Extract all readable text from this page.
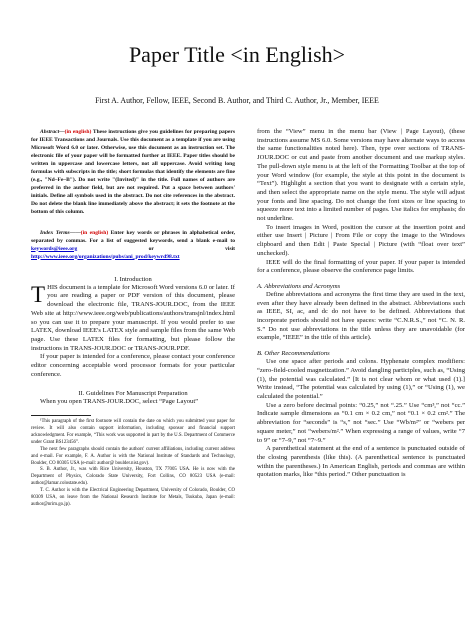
Paper Title <in English>
First A. Author, Fellow, IEEE, Second B. Author, and Third C. Author, Jr., Member, IEEE

Abstract—(in english) These instructions give you guidelines for preparing papers for IEEE Transactions and Journals. Use this document as a template if you are using Microsoft Word 6.0 or later. Otherwise, use this document as an instruction set. The electronic file of your paper will be formatted further at IEEE. Paper titles should be written in uppercase and lowercase letters, not all uppercase. Avoid writing long formulas with subscripts in the title; short formulas that identify the elements are fine (e.g., "Nd–Fe–B"). Do not write "(Invited)" in the title. Full names of authors are preferred in the author field, but are not required. Put a space between authors' initials. Define all symbols used in the abstract. Do not cite references in the abstract. Do not delete the blank line immediately above the abstract; it sets the footnote at the bottom of this column.

Index Terms——(in english) Enter key words or phrases in alphabetical order, separated by commas. For a list of suggested keywords, send a blank e-mail to keywords@ieee.org or visit http://www.ieee.org/organizations/pubs/ani_prod/keywrd98.txt

I. Introduction

THIS document is a template for Microsoft Word versions 6.0 or later. If you are reading a paper or PDF version of this document, please download the electronic file, TRANS-JOUR.DOC, from the IEEE Web site at http://www.ieee.org/web/publications/authors/transjnl/index.html so you can use it to prepare your manuscript. If you would prefer to use LATEX, download IEEE's LATEX style and sample files from the same Web page. Use these LATEX files for formatting, but please follow the instructions in TRANS-JOUR.DOC or TRANS-JOUR.PDF.

If your paper is intended for a conference, please contact your conference editor concerning acceptable word processor formats for your particular conference.

II. Guidelines For Manuscript Preparation

When you open TRANS-JOUR.DOC, select “Page Layout”

¹This paragraph of the first footnote will contain the date on which you submitted your paper for review. It will also contain support information, including sponsor and financial support acknowledgment. For example, “This work was supported in part by the U.S. Department of Commerce under Grant BS123456”.

The next few paragraphs should contain the authors' current affiliations, including current address and e-mail. For example, F. A. Author is with the National Institute of Standards and Technology, Boulder, CO 80305 USA (e-mail: author@ boulder.nist.gov).

S. B. Author, Jr., was with Rice University, Houston, TX 77005 USA. He is now with the Department of Physics, Colorado State University, Fort Collins, CO 80523 USA (e-mail: author@lamar.colostate.edu).

T. C. Author is with the Electrical Engineering Department, University of Colorado, Boulder, CO 80309 USA, on leave from the National Research Institute for Metals, Tsukuba, Japan (e-mail: author@nrim.go.jp).

from the “View” menu in the menu bar (View | Page Layout), (these instructions assume MS 6.0. Some versions may have alternate ways to access the same functionalities noted here). Then, type over sections of TRANS-JOUR.DOC or cut and paste from another document and use markup styles. The pull-down style menu is at the left of the Formatting Toolbar at the top of your Word window (for example, the style at this point in the document is “Text”). Highlight a section that you want to designate with a certain style, and then select the appropriate name on the style menu. The style will adjust your fonts and line spacing. Do not change the font sizes or line spacing to squeeze more text into a limited number of pages. Use italics for emphasis; do not underline.

To insert images in Word, position the cursor at the insertion point and either use Insert | Picture | From File or copy the image to the Windows clipboard and then Edit | Paste Special | Picture (with “float over text” unchecked).

IEEE will do the final formatting of your paper. If your paper is intended for a conference, please observe the conference page limits.

A. Abbreviations and Acronyms

Define abbreviations and acronyms the first time they are used in the text, even after they have already been defined in the abstract. Abbreviations such as IEEE, SI, ac, and dc do not have to be defined. Abbreviations that incorporate periods should not have spaces: write “C.N.R.S.,” not “C. N. R. S.” Do not use abbreviations in the title unless they are unavoidable (for example, “IEEE” in the title of this article).

B. Other Recommendations

Use one space after periods and colons. Hyphenate complex modifiers: “zero-field-cooled magnetization.” Avoid dangling participles, such as, “Using (1), the potential was calculated.” [It is not clear whom or what used (1).] Write instead, “The potential was calculated by using (1),” or “Using (1), we calculated the potential.”

Use a zero before decimal points: “0.25,” not “.25.” Use “cm³,” not “cc.” Indicate sample dimensions as “0.1 cm × 0.2 cm,” not “0.1 × 0.2 cm².” The abbreviation for “seconds” is “s,” not “sec.” Use “Wb/m²” or “webers per square meter,” not “webers/m².” When expressing a range of values, write “7 to 9” or “7–9,” not “7~9.”

A parenthetical statement at the end of a sentence is punctuated outside of the closing parenthesis (like this). (A parenthetical sentence is punctuated within the parentheses.) In American English, periods and commas are within quotation marks, like “this period.” Other punctuation is
